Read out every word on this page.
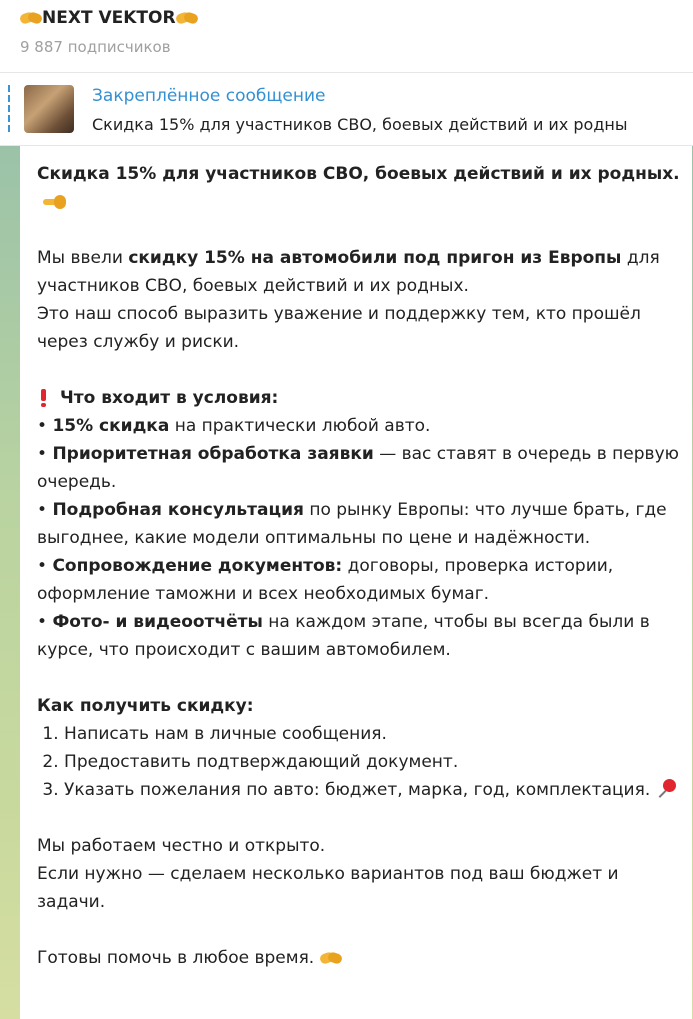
NEXT VEKTOR
9 887 подписчиков
Закреплённое сообщение
Скидка 15% для участников СВО, боевых действий и их родны

Скидка 15% для участников СВО, боевых действий и их родных.

Мы ввели скидку 15% на автомобили под пригон из Европы для участников СВО, боевых действий и их родных.

Это наш способ выразить уважение и поддержку тем, кто прошёл через службу и риски.

Что входит в условия:

• 15% скидка на практически любой авто.

• Приоритетная обработка заявки — вас ставят в очередь в первую очередь.

• Подробная консультация по рынку Европы: что лучше брать, где выгоднее, какие модели оптимальны по цене и надёжности.

• Сопровождение документов: договоры, проверка истории, оформление таможни и всех необходимых бумаг.

• Фото- и видеоотчёты на каждом этапе, чтобы вы всегда были в курсе, что происходит с вашим автомобилем.

Как получить скидку:

1. Написать нам в личные сообщения.

2. Предоставить подтверждающий документ.

3. Указать пожелания по авто: бюджет, марка, год, комплектация.

Мы работаем честно и открыто.

Если нужно — сделаем несколько вариантов под ваш бюджет и задачи.

Готовы помочь в любое время.
